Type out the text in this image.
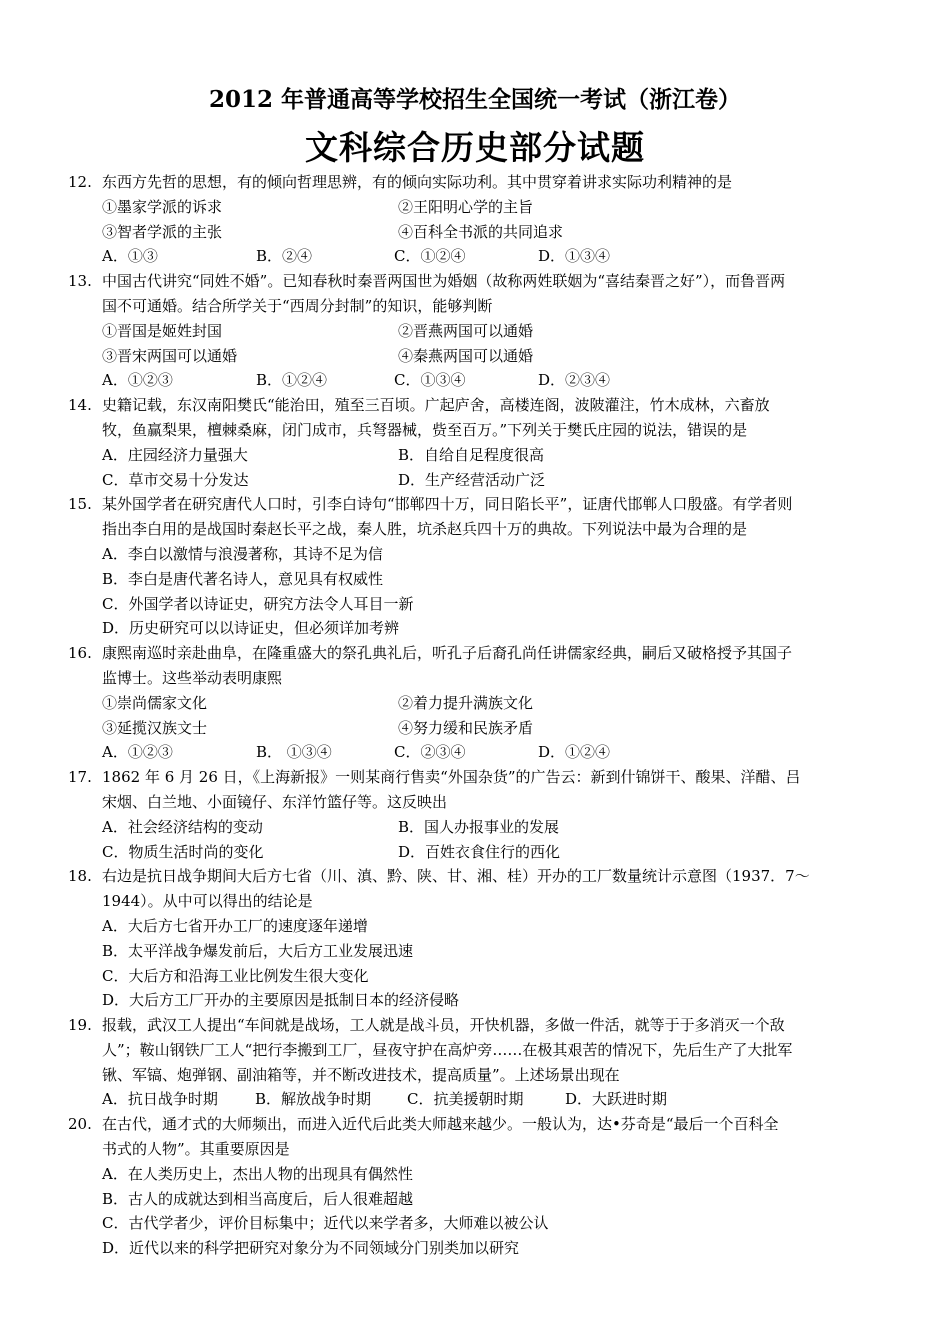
2012 年普通高等学校招生全国统一考试（浙江卷）
文科综合历史部分试题
12. 东西方先哲的思想，有的倾向哲理思辨，有的倾向实际功利。其中贯穿着讲求实际功利精神的是
①墨家学派的诉求	②王阳明心学的主旨
③智者学派的主张	④百科全书派的共同追求
A．①③	B．②④	C．①②④	D．①③④
13. 中国古代讲究“同姓不婚”。已知春秋时秦晋两国世为婚姻（故称两姓联姻为“喜结秦晋之好”），而鲁晋两
国不可通婚。结合所学关于“西周分封制”的知识，能够判断
①晋国是姬姓封国	②晋燕两国可以通婚
③晋宋两国可以通婚	④秦燕两国可以通婚
A．①②③	B．①②④	C．①③④	D．②③④
14. 史籍记载，东汉南阳樊氏“能治田，殖至三百顷。广起庐舍，高楼连阁，波陂灌注，竹木成林，六畜放
牧，鱼赢梨果，檀棘桑麻，闭门成市，兵弩器械，赀至百万。”下列关于樊氏庄园的说法，错误的是
A．庄园经济力量强大	B．自给自足程度很高
C．草市交易十分发达	D．生产经营活动广泛
15. 某外国学者在研究唐代人口时，引李白诗句“邯郸四十万，同日陷长平”，证唐代邯郸人口殷盛。有学者则
指出李白用的是战国时秦赵长平之战，秦人胜，坑杀赵兵四十万的典故。下列说法中最为合理的是
A．李白以激情与浪漫著称，其诗不足为信
B．李白是唐代著名诗人，意见具有权威性
C．外国学者以诗证史，研究方法令人耳目一新
D．历史研究可以以诗证史，但必须详加考辨
16. 康熙南巡时亲赴曲阜，在隆重盛大的祭孔典礼后，听孔子后裔孔尚任讲儒家经典，嗣后又破格授予其国子
监博士。这些举动表明康熙
①崇尚儒家文化	②着力提升满族文化
③延揽汉族文士	④努力缓和民族矛盾
A．①②③	B． ①③④	C．②③④	D．①②④
17. 1862 年 6 月 26 日，《上海新报》一则某商行售卖“外国杂货”的广告云：新到什锦饼干、酸果、洋醋、吕
宋烟、白兰地、小面镜仔、东洋竹篮仔等。这反映出
A．社会经济结构的变动	B．国人办报事业的发展
C．物质生活时尚的变化	D．百姓衣食住行的西化
18. 右边是抗日战争期间大后方七省（川、滇、黔、陕、甘、湘、桂）开办的工厂数量统计示意图（1937．7～
1944）。从中可以得出的结论是
A．大后方七省开办工厂的速度逐年递增
B．太平洋战争爆发前后，大后方工业发展迅速
C．大后方和沿海工业比例发生很大变化
D．大后方工厂开办的主要原因是抵制日本的经济侵略
19. 报载，武汉工人提出“车间就是战场，工人就是战斗员，开快机器，多做一件活，就等于于多消灭一个敌
人”；鞍山钢铁厂工人“把行李搬到工厂，昼夜守护在高炉旁……在极其艰苦的情况下，先后生产了大批军
锹、军镐、炮弹钢、副油箱等，并不断改进技术，提高质量”。上述场景出现在
A．抗日战争时期 B．解放战争时期 C．抗美援朝时期	D．大跃进时期
20. 在古代，通才式的大师频出，而进入近代后此类大师越来越少。一般认为，达•芬奇是“最后一个百科全
书式的人物”。其重要原因是
A．在人类历史上，杰出人物的出现具有偶然性
B．古人的成就达到相当高度后，后人很难超越
C．古代学者少，评价目标集中；近代以来学者多，大师难以被公认
D．近代以来的科学把研究对象分为不同领域分门别类加以研究
